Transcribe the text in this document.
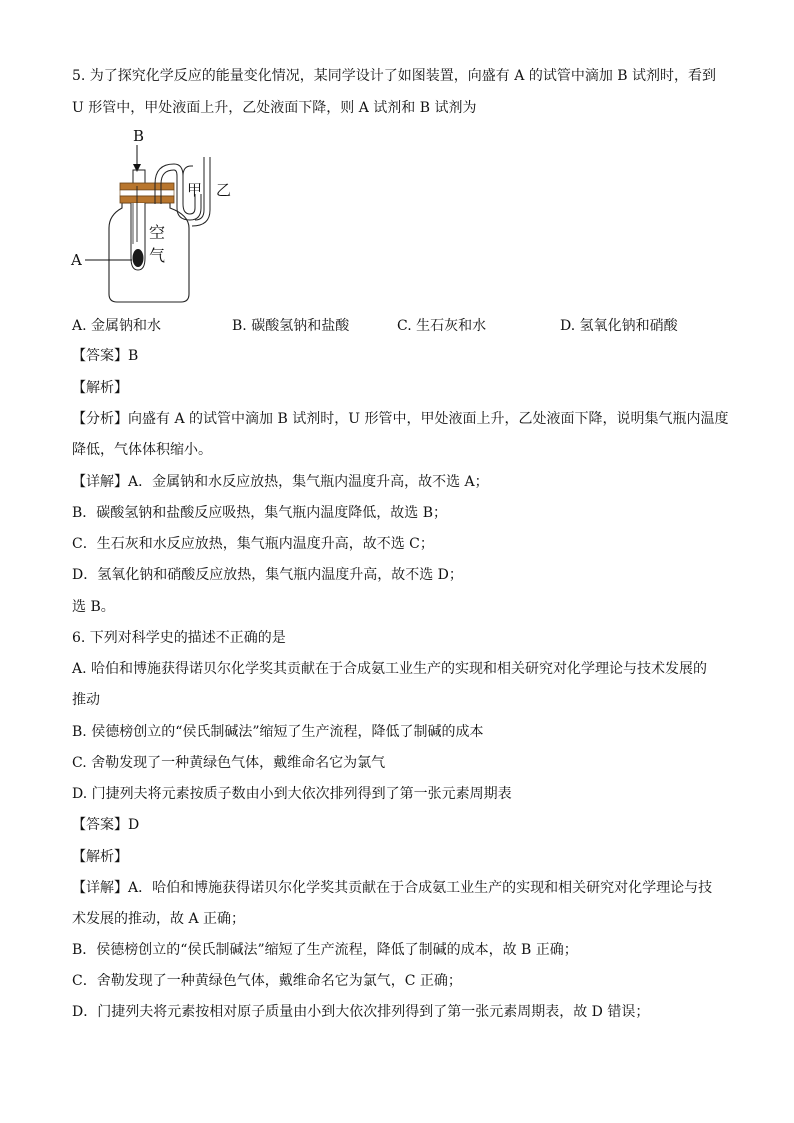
5. 为了探究化学反应的能量变化情况，某同学设计了如图装置，向盛有 A 的试管中滴加 B 试剂时，看到
U 形管中，甲处液面上升，乙处液面下降，则 A 试剂和 B 试剂为
B
A
甲 乙
空
气
A. 金属钠和水	B. 碳酸氢钠和盐酸	C. 生石灰和水	D. 氢氧化钠和硝酸
【 答案 】 B
【 解析 】
【 分析 】 向盛有 A 的试管中滴加 B 试剂时，U 形管中，甲处液面上升，乙处液面下降，说明集气瓶内温度
降低，气体体积缩小。
【 详解 】 A．金属钠和水反应放热，集气瓶内温度升高，故不选 A；
B．碳酸氢钠和盐酸反应吸热，集气瓶内温度降低，故选 B；
C．生石灰和水反应放热，集气瓶内温度升高，故不选 C；
D．氢氧化钠和硝酸反应放热，集气瓶内温度升高，故不选 D；
选 B。
6. 下列对科学史的描述不正确的是
A. 哈伯和博施获得诺贝尔化学奖其贡献在于合成氨工业生产的实现和相关研究对化学理论与技术发展的
推动
B. 侯德榜创立的“侯氏制碱法”缩短了生产流程，降低了制碱的成本
C. 舍勒发现了一种黄绿色气体，戴维命名它为氯气
D. 门捷列夫将元素按质子数由小到大依次排列得到了第一张元素周期表
【 答案 】 D
【 解析 】
【 详解 】 A．哈伯和博施获得诺贝尔化学奖其贡献在于合成氨工业生产的实现和相关研究对化学理论与技
术发展的推动，故 A 正确；
B．侯德榜创立的“侯氏制碱法”缩短了生产流程，降低了制碱的成本，故 B 正确；
C．舍勒发现了一种黄绿色气体，戴维命名它为氯气，C 正确；
D．门捷列夫将元素按相对原子质量由小到大依次排列得到了第一张元素周期表，故 D 错误；
